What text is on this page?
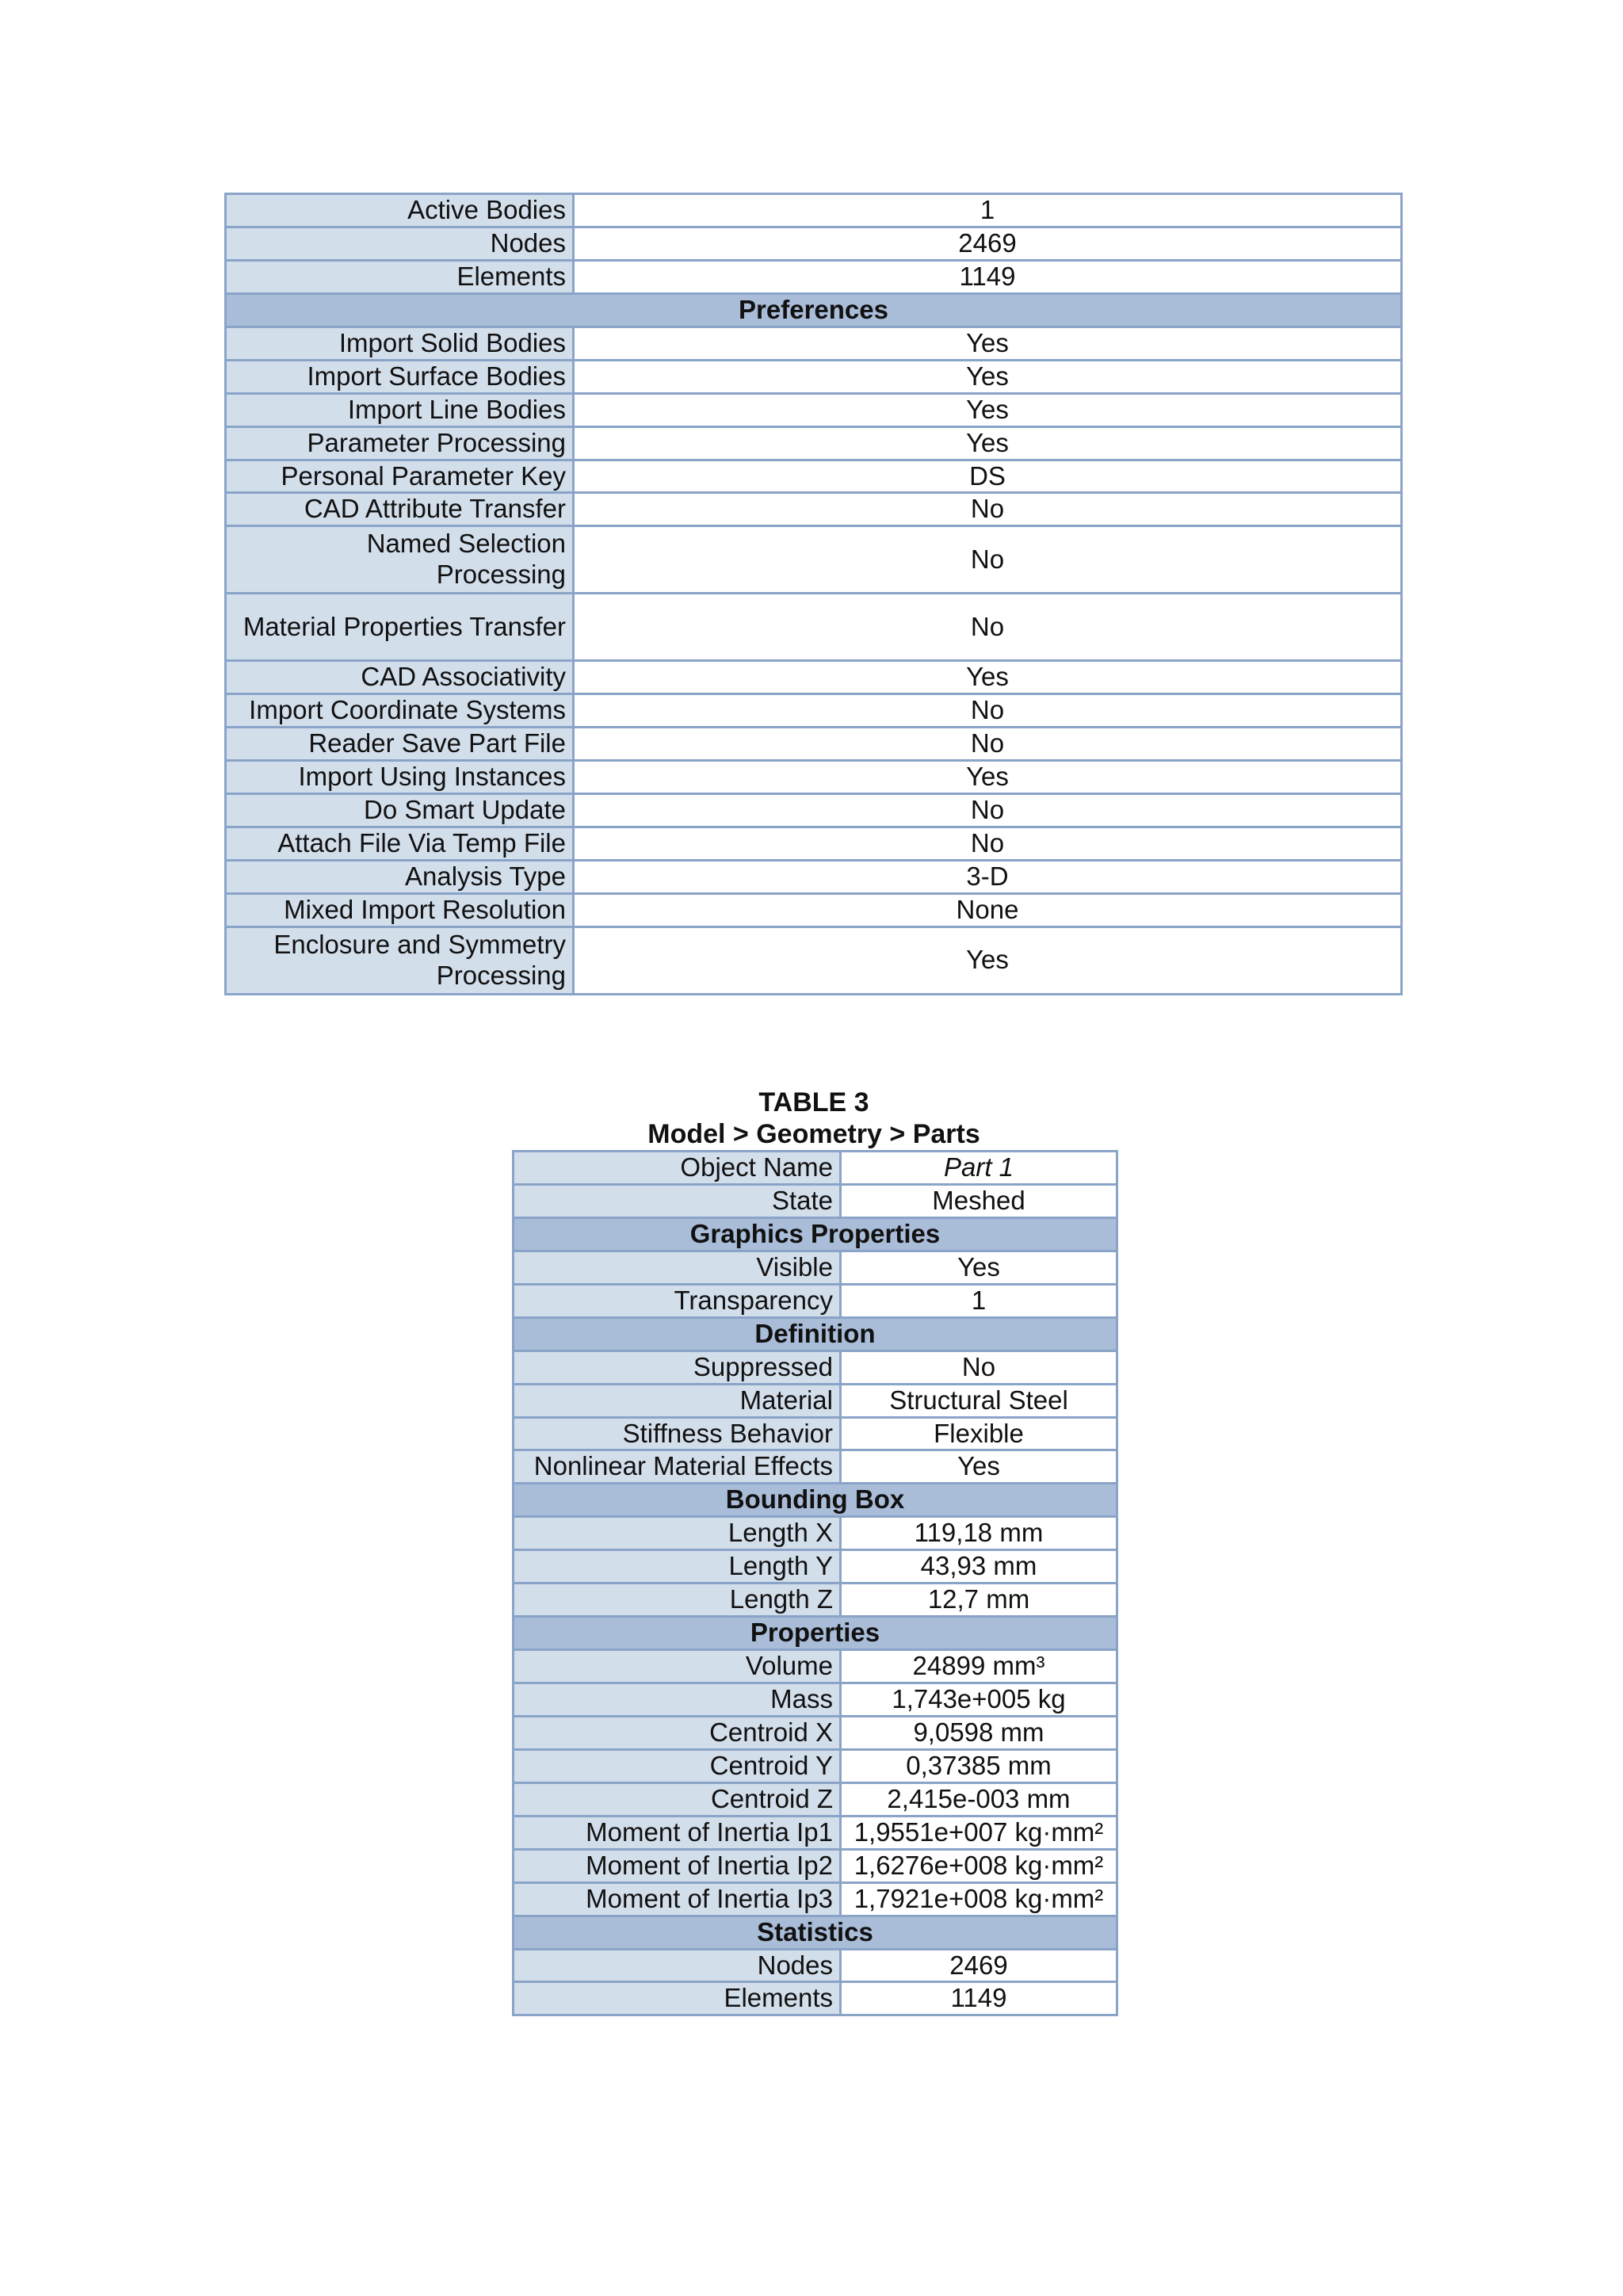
Active Bodies	1
Nodes	2469
Elements	1149
Preferences	
Import Solid Bodies	Yes
Import Surface Bodies	Yes
Import Line Bodies	Yes
Parameter Processing	Yes
Personal Parameter Key	DS
CAD Attribute Transfer	No
Named Selection Processing	No
Material Properties Transfer	No
CAD Associativity	Yes
Import Coordinate Systems	No
Reader Save Part File	No
Import Using Instances	Yes
Do Smart Update	No
Attach File Via Temp File	No
Analysis Type	3-D
Mixed Import Resolution	None
Enclosure and Symmetry Processing	Yes
TABLE 3
Model > Geometry > Parts
Object Name	Part 1
State	Meshed
Graphics Properties	
Visible	Yes
Transparency	1
Definition	
Suppressed	No
Material	Structural Steel
Stiffness Behavior	Flexible
Nonlinear Material Effects	Yes
Bounding Box	
Length X	119,18 mm
Length Y	43,93 mm
Length Z	12,7 mm
Properties	
Volume	24899 mm³
Mass	1,743e+005 kg
Centroid X	9,0598 mm
Centroid Y	0,37385 mm
Centroid Z	2,415e-003 mm
Moment of Inertia Ip1	1,9551e+007 kg·mm²
Moment of Inertia Ip2	1,6276e+008 kg·mm²
Moment of Inertia Ip3	1,7921e+008 kg·mm²
Statistics	
Nodes	2469
Elements	1149
